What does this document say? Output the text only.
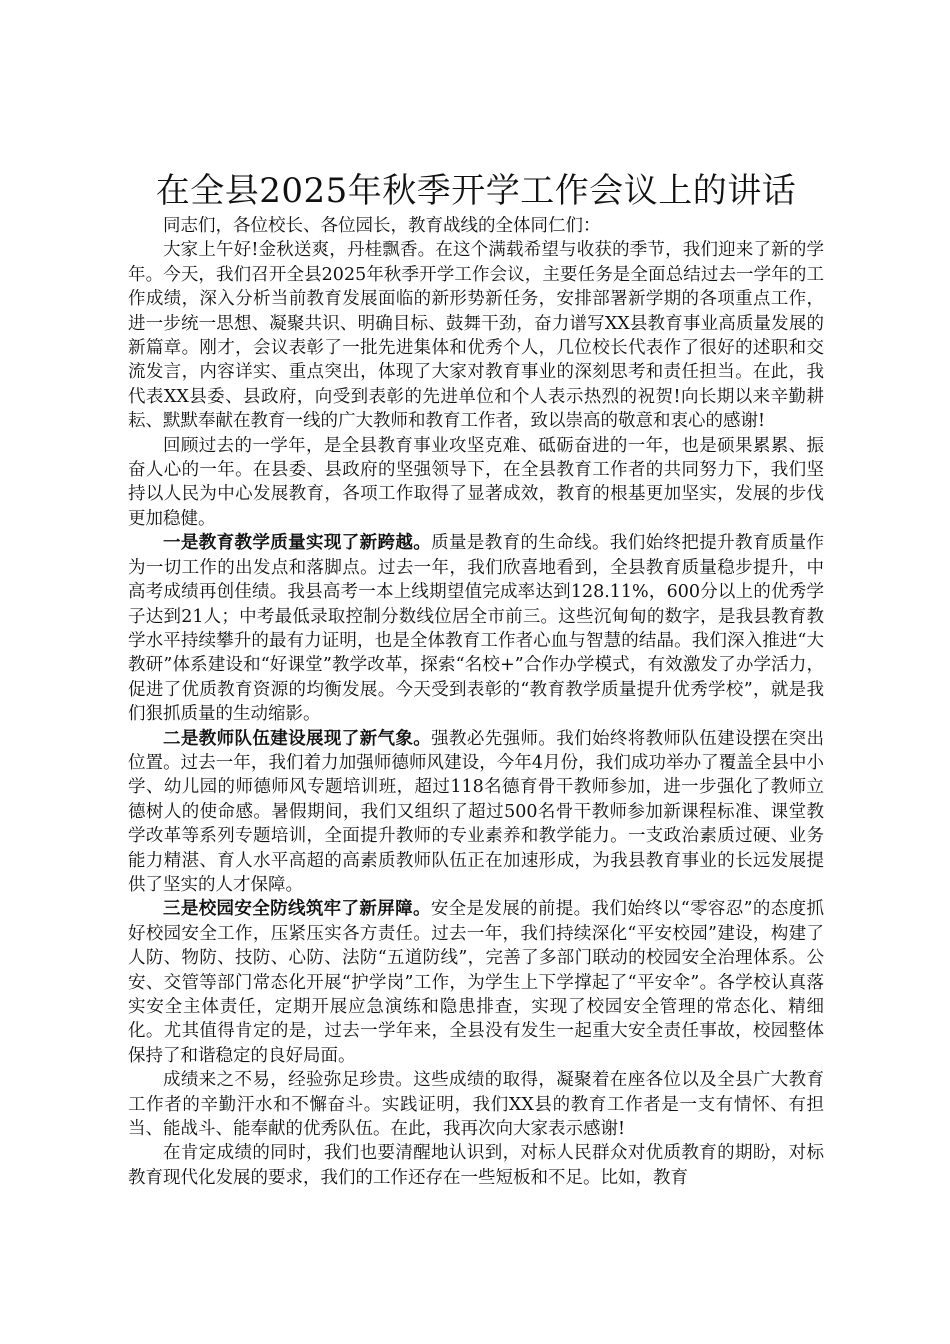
在全县2025年秋季开学工作会议上的讲话

同志们，各位校长、各位园长，教育战线的全体同仁们：

大家上午好!金秋送爽，丹桂飘香。在这个满载希望与收获的季节，我们迎来了新的学年。今天，我们召开全县2025年秋季开学工作会议，主要任务是全面总结过去一学年的工作成绩，深入分析当前教育发展面临的新形势新任务，安排部署新学期的各项重点工作，进一步统一思想、凝聚共识、明确目标、鼓舞干劲，奋力谱写XX县教育事业高质量发展的新篇章。刚才，会议表彰了一批先进集体和优秀个人，几位校长代表作了很好的述职和交流发言，内容详实、重点突出，体现了大家对教育事业的深刻思考和责任担当。在此，我代表XX县委、县政府，向受到表彰的先进单位和个人表示热烈的祝贺!向长期以来辛勤耕耘、默默奉献在教育一线的广大教师和教育工作者，致以崇高的敬意和衷心的感谢!

回顾过去的一学年，是全县教育事业攻坚克难、砥砺奋进的一年，也是硕果累累、振奋人心的一年。在县委、县政府的坚强领导下，在全县教育工作者的共同努力下，我们坚持以人民为中心发展教育，各项工作取得了显著成效，教育的根基更加坚实，发展的步伐更加稳健。

一是教育教学质量实现了新跨越。质量是教育的生命线。我们始终把提升教育质量作为一切工作的出发点和落脚点。过去一年，我们欣喜地看到，全县教育质量稳步提升，中高考成绩再创佳绩。我县高考一本上线期望值完成率达到128.11%，600分以上的优秀学子达到21人；中考最低录取控制分数线位居全市前三。这些沉甸甸的数字，是我县教育教学水平持续攀升的最有力证明，也是全体教育工作者心血与智慧的结晶。我们深入推进“大教研”体系建设和“好课堂”教学改革，探索“名校+”合作办学模式，有效激发了办学活力，促进了优质教育资源的均衡发展。今天受到表彰的“教育教学质量提升优秀学校”，就是我们狠抓质量的生动缩影。

二是教师队伍建设展现了新气象。强教必先强师。我们始终将教师队伍建设摆在突出位置。过去一年，我们着力加强师德师风建设，今年4月份，我们成功举办了覆盖全县中小学、幼儿园的师德师风专题培训班，超过118名德育骨干教师参加，进一步强化了教师立德树人的使命感。暑假期间，我们又组织了超过500名骨干教师参加新课程标准、课堂教学改革等系列专题培训，全面提升教师的专业素养和教学能力。一支政治素质过硬、业务能力精湛、育人水平高超的高素质教师队伍正在加速形成，为我县教育事业的长远发展提供了坚实的人才保障。

三是校园安全防线筑牢了新屏障。安全是发展的前提。我们始终以“零容忍”的态度抓好校园安全工作，压紧压实各方责任。过去一年，我们持续深化“平安校园”建设，构建了人防、物防、技防、心防、法防“五道防线”，完善了多部门联动的校园安全治理体系。公安、交管等部门常态化开展“护学岗”工作，为学生上下学撑起了“平安伞”。各学校认真落实安全主体责任，定期开展应急演练和隐患排查，实现了校园安全管理的常态化、精细化。尤其值得肯定的是，过去一学年来，全县没有发生一起重大安全责任事故，校园整体保持了和谐稳定的良好局面。

成绩来之不易，经验弥足珍贵。这些成绩的取得，凝聚着在座各位以及全县广大教育工作者的辛勤汗水和不懈奋斗。实践证明，我们XX县的教育工作者是一支有情怀、有担当、能战斗、能奉献的优秀队伍。在此，我再次向大家表示感谢!

在肯定成绩的同时，我们也要清醒地认识到，对标人民群众对优质教育的期盼，对标教育现代化发展的要求，我们的工作还存在一些短板和不足。比如，教育
